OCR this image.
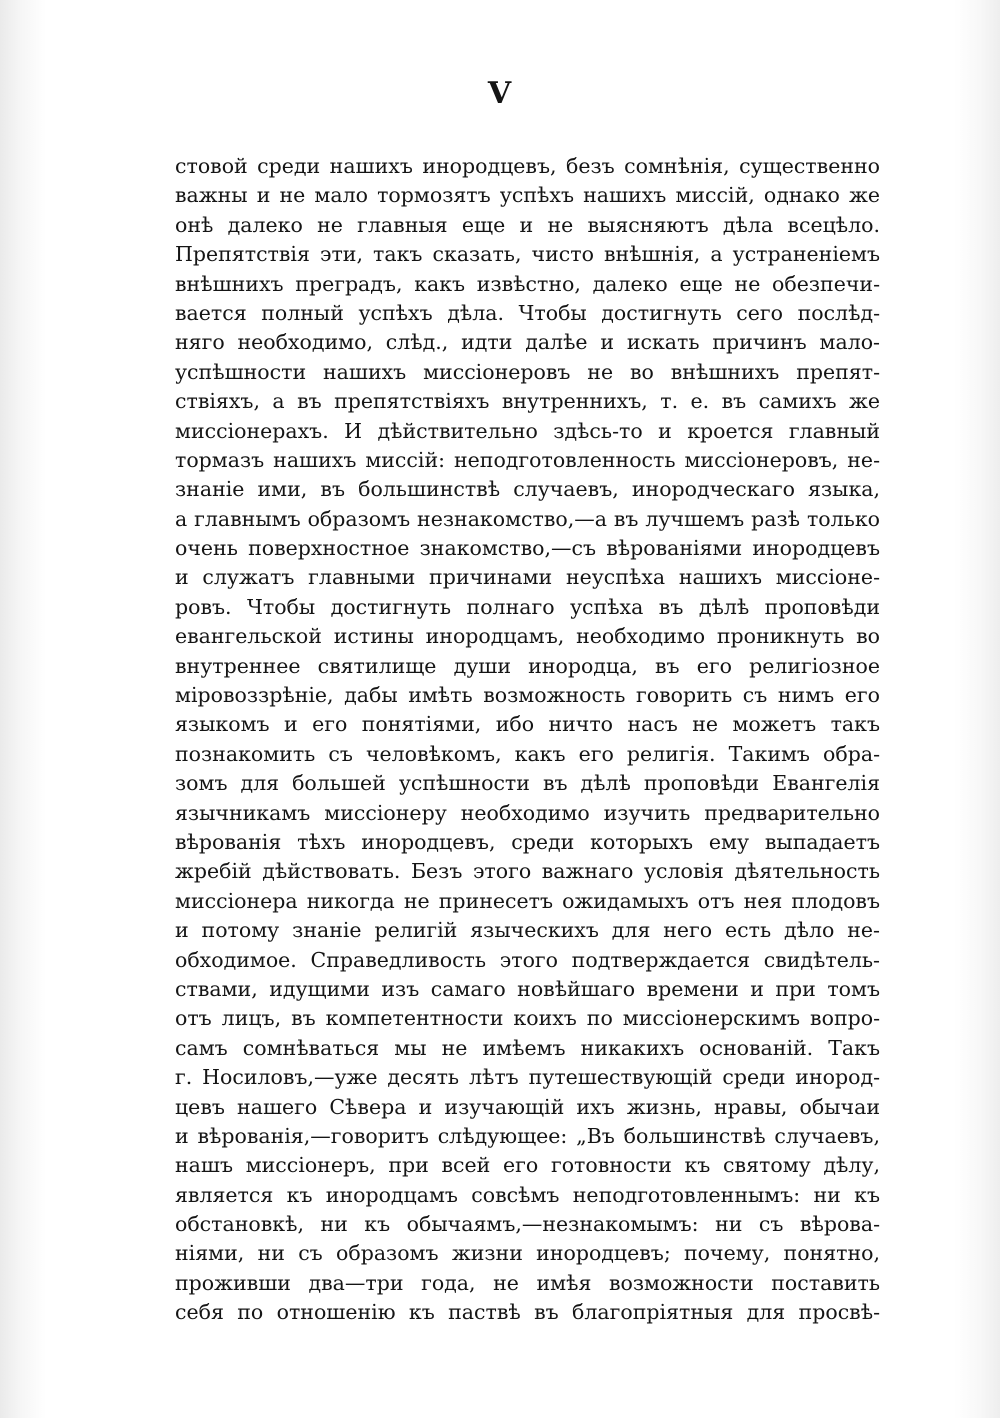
V
стовой среди нашихъ инородцевъ, безъ сомнѣнія, существенно
важны и не мало тормозятъ успѣхъ нашихъ миссій, однако же
онѣ далеко не главныя еще и не выясняютъ дѣла всецѣло.
Препятствія эти, такъ сказать, чисто внѣшнія, а устраненіемъ
внѣшнихъ преградъ, какъ извѣстно, далеко еще не обезпечи-
вается полный успѣхъ дѣла. Чтобы достигнуть сего послѣд-
няго необходимо, слѣд., идти далѣе и искать причинъ мало-
успѣшности нашихъ миссіонеровъ не во внѣшнихъ препят-
ствіяхъ, а въ препятствіяхъ внутреннихъ, т. е. въ самихъ же
миссіонерахъ. И дѣйствительно здѣсь-то и кроется главный
тормазъ нашихъ миссій: неподготовленность миссіонеровъ, не-
знаніе ими, въ большинствѣ случаевъ, инородческаго языка,
а главнымъ образомъ незнакомство,—а въ лучшемъ разѣ только
очень поверхностное знакомство,—съ вѣрованіями инородцевъ
и служатъ главными причинами неуспѣха нашихъ миссіоне-
ровъ. Чтобы достигнуть полнаго успѣха въ дѣлѣ проповѣди
евангельской истины инородцамъ, необходимо проникнуть во
внутреннее святилище души инородца, въ его религіозное
міровоззрѣніе, дабы имѣть возможность говорить съ нимъ его
языкомъ и его понятіями, ибо ничто насъ не можетъ такъ
познакомить съ человѣкомъ, какъ его религія. Такимъ обра-
зомъ для большей успѣшности въ дѣлѣ проповѣди Евангелія
язычникамъ миссіонеру необходимо изучить предварительно
вѣрованія тѣхъ инородцевъ, среди которыхъ ему выпадаетъ
жребій дѣйствовать. Безъ этого важнаго условія дѣятельность
миссіонера никогда не принесетъ ожидамыхъ отъ нея плодовъ
и потому знаніе религій языческихъ для него есть дѣло не-
обходимое. Справедливость этого подтверждается свидѣтель-
ствами, идущими изъ самаго новѣйшаго времени и при томъ
отъ лицъ, въ компетентности коихъ по миссіонерскимъ вопро-
самъ сомнѣваться мы не имѣемъ никакихъ основаній. Такъ
г. Носиловъ,—уже десять лѣтъ путешествующій среди инород-
цевъ нашего Сѣвера и изучающій ихъ жизнь, нравы, обычаи
и вѣрованія,—говоритъ слѣдующее: „Въ большинствѣ случаевъ,
нашъ миссіонеръ, при всей его готовности къ святому дѣлу,
является къ инородцамъ совсѣмъ неподготовленнымъ: ни къ
обстановкѣ, ни къ обычаямъ,—незнакомымъ: ни съ вѣрова-
ніями, ни съ образомъ жизни инородцевъ; почему, понятно,
проживши два—три года, не имѣя возможности поставить
себя по отношенію къ паствѣ въ благопріятныя для просвѣ-
